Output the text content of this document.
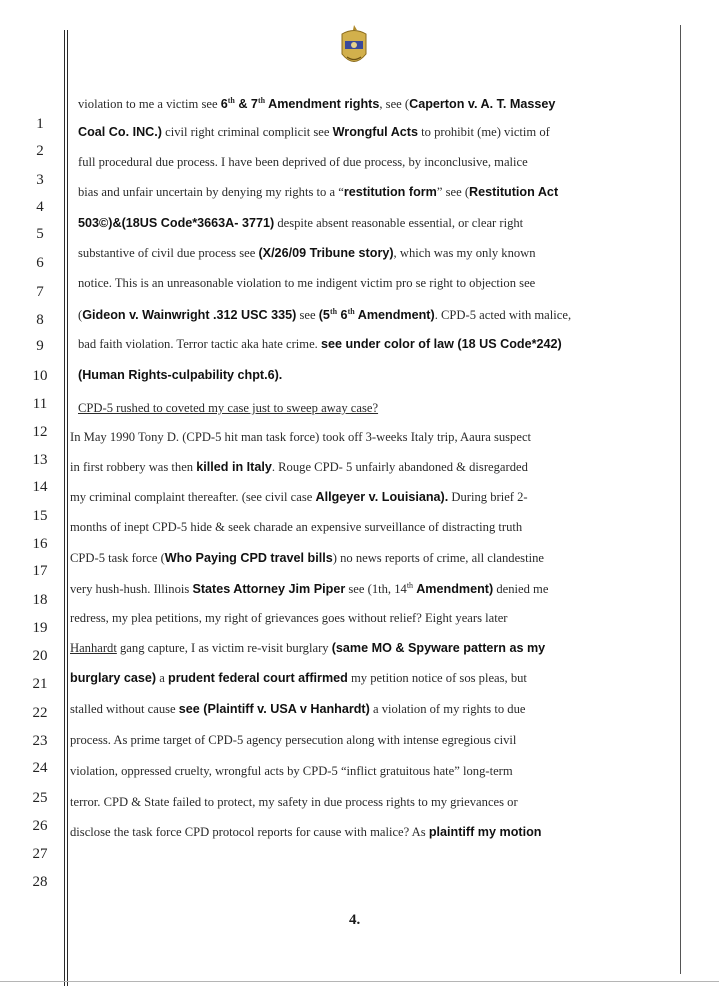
1
2
3
4
5
6
7
8
9
10
11
12
13
14
15
16
17
18
19
20
21
22
23
24
25
26
27
28
violation to me a victim see 6th & 7th Amendment rights, see (Caperton v. A. T. Massey
Coal Co. INC.) civil right criminal complicit see Wrongful Acts to prohibit (me) victim of
full procedural due process. I have been deprived of due process, by inconclusive, malice
bias and unfair uncertain by denying my rights to a “restitution form” see (Restitution Act
503©)&(18US Code*3663A- 3771) despite absent reasonable essential, or clear right
substantive of civil due process see (X/26/09 Tribune story), which was my only known
notice. This is an unreasonable violation to me indigent victim pro se right to objection see
(Gideon v. Wainwright .312 USC 335) see (5th 6th Amendment). CPD-5 acted with malice,
bad faith violation. Terror tactic aka hate crime. see under color of law (18 US Code*242)
(Human Rights-culpability chpt.6).
CPD-5 rushed to coveted my case just to sweep away case?
In May 1990 Tony D. (CPD-5 hit man task force) took off 3-weeks Italy trip, Aaura suspect
in first robbery was then killed in Italy. Rouge CPD- 5 unfairly abandoned & disregarded
my criminal complaint thereafter. (see civil case Allgeyer v. Louisiana). During brief 2-
months of inept CPD-5 hide & seek charade an expensive surveillance of distracting truth
CPD-5 task force (Who Paying CPD travel bills) no news reports of crime, all clandestine
very hush-hush. Illinois States Attorney Jim Piper see (1th, 14th Amendment) denied me
redress, my plea petitions, my right of grievances goes without relief? Eight years later
Hanhardt gang capture, I as victim re-visit burglary (same MO & Spyware pattern as my
burglary case) a prudent federal court affirmed my petition notice of sos pleas, but
stalled without cause see (Plaintiff v. USA v Hanhardt) a violation of my rights to due
process. As prime target of CPD-5 agency persecution along with intense egregious civil
violation, oppressed cruelty, wrongful acts by CPD-5 “inflict gratuitous hate” long-term
terror. CPD & State failed to protect, my safety in due process rights to my grievances or
disclose the task force CPD protocol reports for cause with malice? As plaintiff my motion
4.
